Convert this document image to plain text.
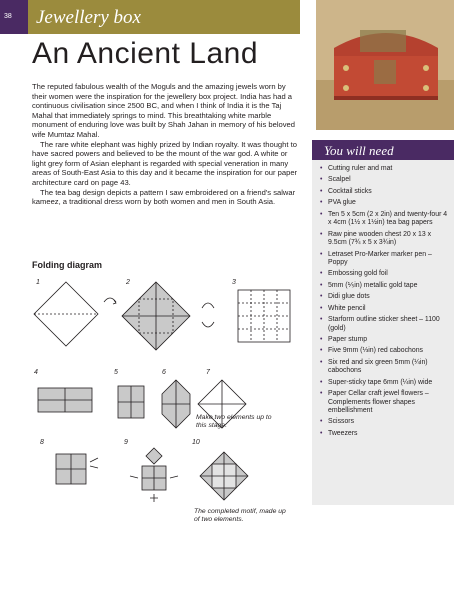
38 Jewellery box
An Ancient Land

The reputed fabulous wealth of the Moguls and the amazing jewels worn by their women were the inspiration for the jewellery box project. India has had a continuous civilisation since 2500 BC, and when I think of India it is the Taj Mahal that immediately springs to mind. This breathtaking white marble monument of enduring love was built by Shah Jahan in memory of his beloved wife Mumtaz Mahal.

The rare white elephant was highly prized by Indian royalty. It was thought to have sacred powers and believed to be the mount of the war god. A white or light grey form of Asian elephant is regarded with special veneration in many areas of South-East Asia to this day and it became the inspiration for our paper architecture card on page 43.

The tea bag design depicts a pattern I saw embroidered on a friend's salwar kameez, a traditional dress worn by both women and men in South Asia.

You will need
• Cutting ruler and mat
• Scalpel
• Cocktail sticks
• PVA glue
• Ten 5 x 5cm (2 x 2in) and twenty-four 4 x 4cm (1½ x 1½in) tea bag papers
• Raw pine wooden chest 20 x 13 x 9.5cm (7¾ x 5 x 3¾in)
• Letraset Pro-Marker marker pen – Poppy
• Embossing gold foil
• 5mm (⅕in) metallic gold tape
• Didi glue dots
• White pencil
• Starform outline sticker sheet – 1100 (gold)
• Paper stump
• Five 9mm (⅓in) red cabochons
• Six red and six green 5mm (¼in) cabochons
• Super-sticky tape 6mm (¼in) wide
• Paper Cellar craft jewel flowers – Complements flower shapes embellishment
• Scissors
• Tweezers
Folding diagram
1	2	3
4	5	6	7
8	9	10
Make two elements up to this stage.
The completed motif, made up of two elements.
